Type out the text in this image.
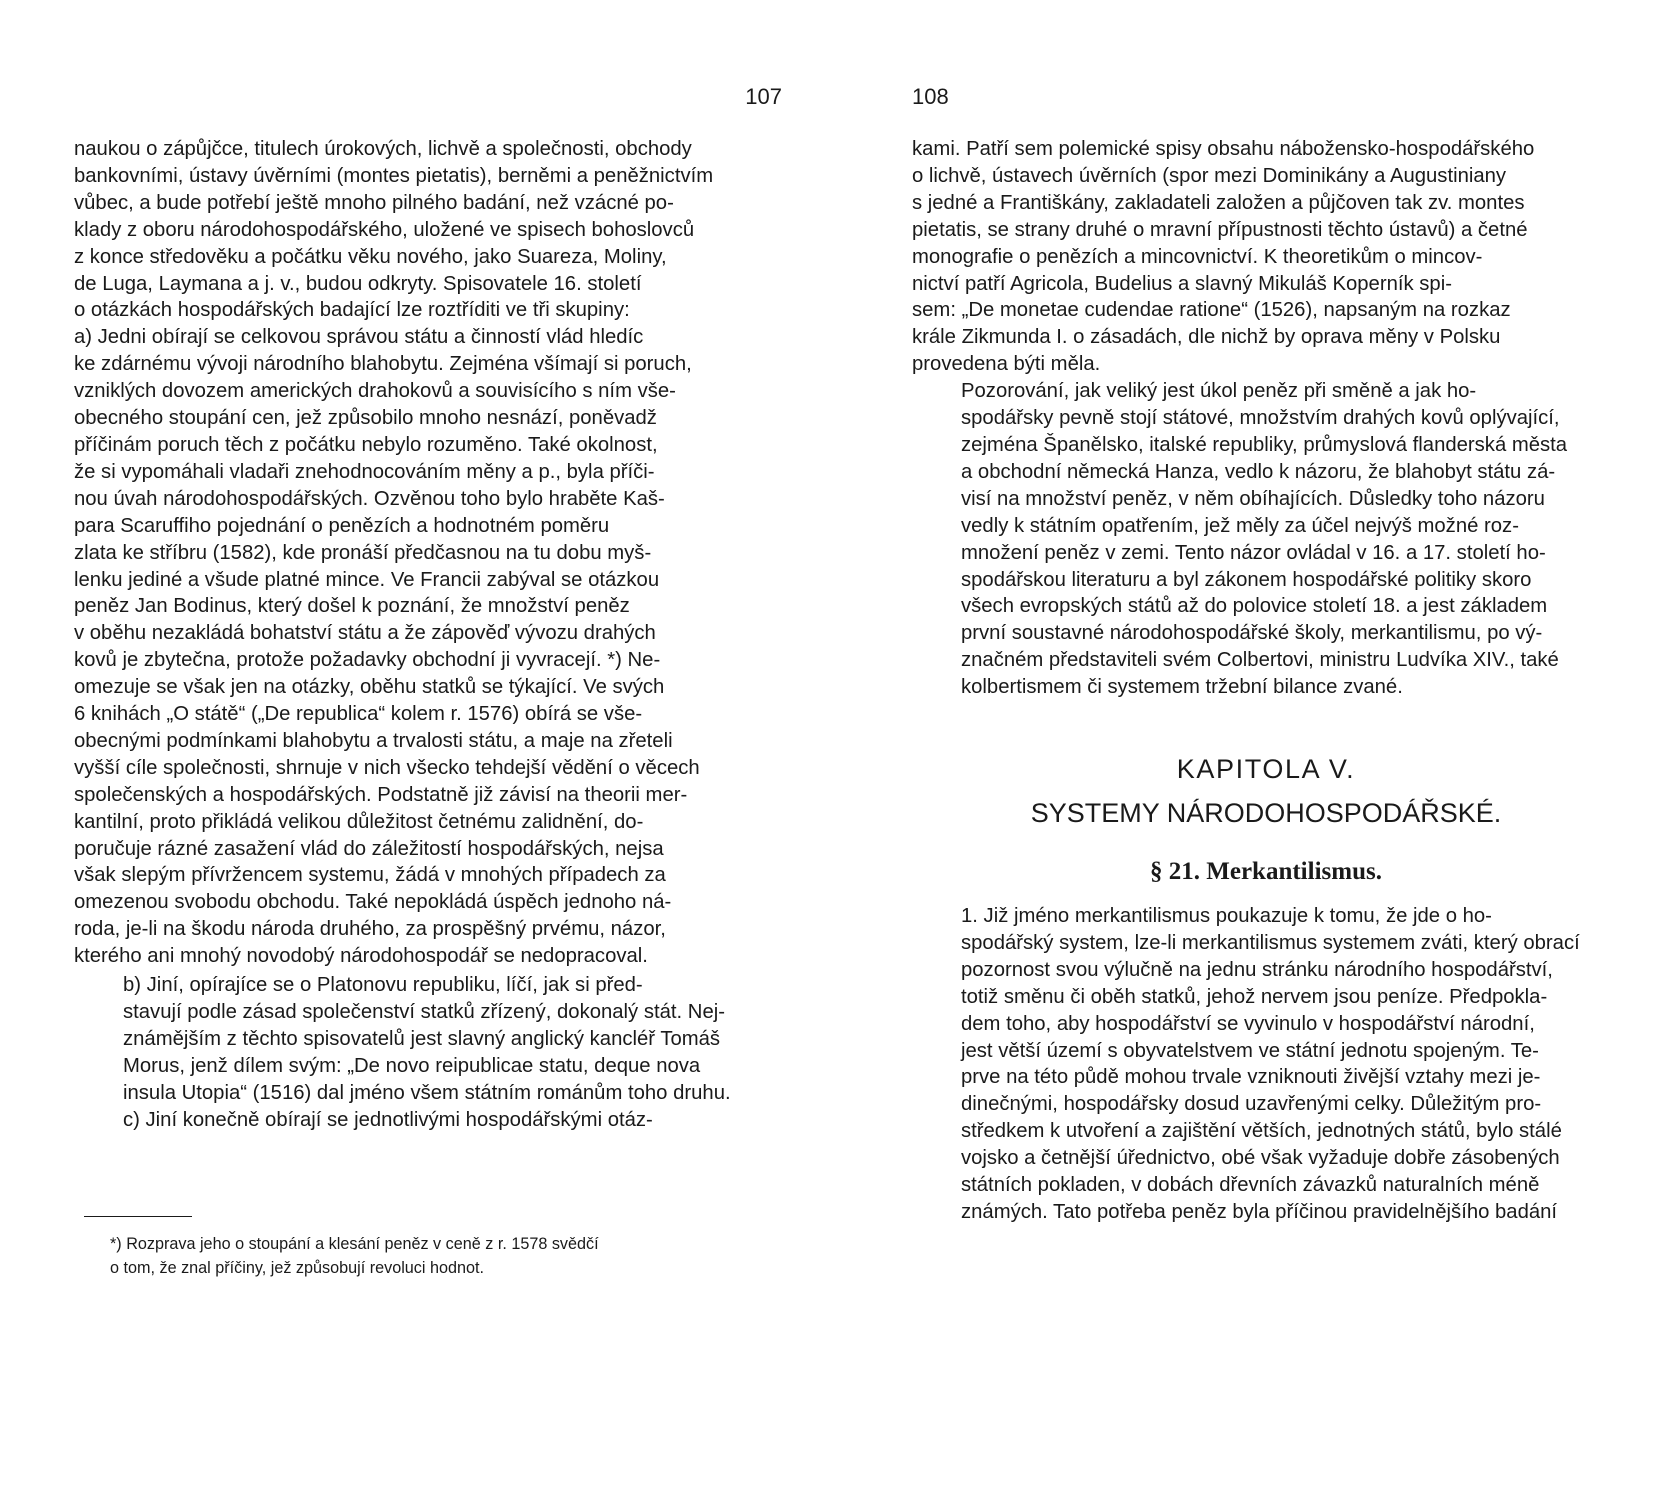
107

naukou o zápůjčce, titulech úrokových, lichvě a společnosti, obchody
bankovními, ústavy úvěrními (montes pietatis), berněmi a peněžnictvím
vůbec, a bude potřebí ještě mnoho pilného badání, než vzácné po-
klady z oboru národohospodářského, uložené ve spisech bohoslovců
z konce středověku a počátku věku nového, jako Suareza, Moliny,
de Luga, Laymana a j. v., budou odkryty. Spisovatele 16. století
o otázkách hospodářských badající lze roztříditi ve tři skupiny:
a) Jedni obírají se celkovou správou státu a činností vlád hledíc
ke zdárnému vývoji národního blahobytu. Zejména všímají si poruch,
vzniklých dovozem amerických drahokovů a souvisícího s ním vše-
obecného stoupání cen, jež způsobilo mnoho nesnází, poněvadž
příčinám poruch těch z počátku nebylo rozuměno. Také okolnost,
že si vypomáhali vladaři znehodnocováním měny a p., byla příči-
nou úvah národohospodářských. Ozvěnou toho bylo hraběte Kaš-
para Scaruffiho pojednání o penězích a hodnotném poměru
zlata ke stříbru (1582), kde pronáší předčasnou na tu dobu myš-
lenku jediné a všude platné mince. Ve Francii zabýval se otázkou
peněz Jan Bodinus, který došel k poznání, že množství peněz
v oběhu nezakládá bohatství státu a že zápověď vývozu drahých
kovů je zbytečna, protože požadavky obchodní ji vyvracejí. *) Ne-
omezuje se však jen na otázky, oběhu statků se týkající. Ve svých
6 knihách „O státě“ („De republica“ kolem r. 1576) obírá se vše-
obecnými podmínkami blahobytu a trvalosti státu, a maje na zřeteli
vyšší cíle společnosti, shrnuje v nich všecko tehdejší vědění o věcech
společenských a hospodářských. Podstatně již závisí na theorii mer-
kantilní, proto přikládá velikou důležitost četnému zalidnění, do-
poručuje rázné zasažení vlád do záležitostí hospodářských, nejsa
však slepým přívržencem systemu, žádá v mnohých případech za
omezenou svobodu obchodu. Také nepokládá úspěch jednoho ná-
roda, je-li na škodu národa druhého, za prospěšný prvému, názor,
kterého ani mnohý novodobý národohospodář se nedopracoval.

b) Jiní, opírajíce se o Platonovu republiku, líčí, jak si před-
stavují podle zásad společenství statků zřízený, dokonalý stát. Nej-
známějším z těchto spisovatelů jest slavný anglický kancléř Tomáš
Morus, jenž dílem svým: „De novo reipublicae statu, deque nova
insula Utopia“ (1516) dal jméno všem státním románům toho druhu.

c) Jiní konečně obírají se jednotlivými hospodářskými otáz-

*) Rozprava jeho o stoupání a klesání peněz v ceně z r. 1578 svědčí
o tom, že znal příčiny, jež způsobují revoluci hodnot.

108

kami. Patří sem polemické spisy obsahu nábožensko-hospodářského
o lichvě, ústavech úvěrních (spor mezi Dominikány a Augustiniany
s jedné a Františkány, zakladateli založen a půjčoven tak zv. montes
pietatis, se strany druhé o mravní přípustnosti těchto ústavů) a četné
monografie o penězích a mincovnictví. K theoretikům o mincov-
nictví patří Agricola, Budelius a slavný Mikuláš Koperník spi-
sem: „De monetae cudendae ratione“ (1526), napsaným na rozkaz
krále Zikmunda I. o zásadách, dle nichž by oprava měny v Polsku
provedena býti měla.

Pozorování, jak veliký jest úkol peněz při směně a jak ho-
spodářsky pevně stojí státové, množstvím drahých kovů oplývající,
zejména Španělsko, italské republiky, průmyslová flanderská města
a obchodní německá Hanza, vedlo k názoru, že blahobyt státu zá-
visí na množství peněz, v něm obíhajících. Důsledky toho názoru
vedly k státním opatřením, jež měly za účel nejvýš možné roz-
množení peněz v zemi. Tento názor ovládal v 16. a 17. století ho-
spodářskou literaturu a byl zákonem hospodářské politiky skoro
všech evropských států až do polovice století 18. a jest základem
první soustavné národohospodářské školy, merkantilismu, po vý-
značném představiteli svém Colbertovi, ministru Ludvíka XIV., také
kolbertismem či systemem tržební bilance zvané.

KAPITOLA V.
SYSTEMY NÁRODOHOSPODÁŘSKÉ.
§ 21. Merkantilismus.

1. Již jméno merkantilismus poukazuje k tomu, že jde o ho-
spodářský system, lze-li merkantilismus systemem zváti, který obrací
pozornost svou výlučně na jednu stránku národního hospodářství,
totiž směnu či oběh statků, jehož nervem jsou peníze. Předpokla-
dem toho, aby hospodářství se vyvinulo v hospodářství národní,
jest větší území s obyvatelstvem ve státní jednotu spojeným. Te-
prve na této půdě mohou trvale vzniknouti živější vztahy mezi je-
dinečnými, hospodářsky dosud uzavřenými celky. Důležitým pro-
středkem k utvoření a zajištění větších, jednotných států, bylo stálé
vojsko a četnější úřednictvo, obé však vyžaduje dobře zásobených
státních pokladen, v dobách dřevních závazků naturalních méně
známých. Tato potřeba peněz byla příčinou pravidelnějšího badání
